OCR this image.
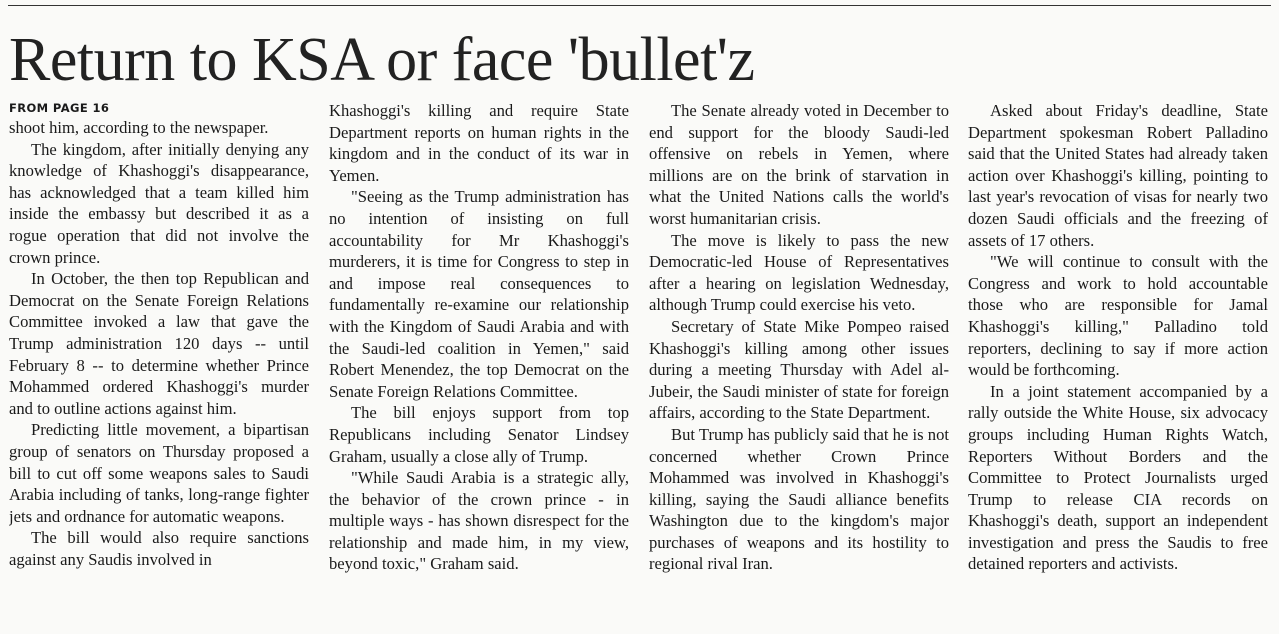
Return to KSA or face 'bullet'z
FROM PAGE 16

shoot him, according to the newspaper.

The kingdom, after initially denying any knowledge of Khashoggi's disappearance, has acknowledged that a team killed him inside the embassy but described it as a rogue operation that did not involve the crown prince.

In October, the then top Republican and Democrat on the Senate Foreign Relations Committee invoked a law that gave the Trump administration 120 days -- until February 8 -- to determine whether Prince Mohammed ordered Khashoggi's murder and to outline actions against him.

Predicting little movement, a bipartisan group of senators on Thursday proposed a bill to cut off some weapons sales to Saudi Arabia including of tanks, long-range fighter jets and ordnance for automatic weapons.

The bill would also require sanctions against any Saudis involved in

Khashoggi's killing and require State Department reports on human rights in the kingdom and in the conduct of its war in Yemen.

"Seeing as the Trump administration has no intention of insisting on full accountability for Mr Khashoggi's murderers, it is time for Congress to step in and impose real consequences to fundamentally re-examine our relationship with the Kingdom of Saudi Arabia and with the Saudi-led coalition in Yemen," said Robert Menendez, the top Democrat on the Senate Foreign Relations Committee.

The bill enjoys support from top Republicans including Senator Lindsey Graham, usually a close ally of Trump.

"While Saudi Arabia is a strategic ally, the behavior of the crown prince - in multiple ways - has shown disrespect for the relationship and made him, in my view, beyond toxic," Graham said.

The Senate already voted in December to end support for the bloody Saudi-led offensive on rebels in Yemen, where millions are on the brink of starvation in what the United Nations calls the world's worst humanitarian crisis.

The move is likely to pass the new Democratic-led House of Representatives after a hearing on legislation Wednesday, although Trump could exercise his veto.

Secretary of State Mike Pompeo raised Khashoggi's killing among other issues during a meeting Thursday with Adel al-Jubeir, the Saudi minister of state for foreign affairs, according to the State Department.

But Trump has publicly said that he is not concerned whether Crown Prince Mohammed was involved in Khashoggi's killing, saying the Saudi alliance benefits Washington due to the kingdom's major purchases of weapons and its hostility to regional rival Iran.

Asked about Friday's deadline, State Department spokesman Robert Palladino said that the United States had already taken action over Khashoggi's killing, pointing to last year's revocation of visas for nearly two dozen Saudi officials and the freezing of assets of 17 others.

"We will continue to consult with the Congress and work to hold accountable those who are responsible for Jamal Khashoggi's killing," Palladino told reporters, declining to say if more action would be forthcoming.

In a joint statement accompanied by a rally outside the White House, six advocacy groups including Human Rights Watch, Reporters Without Borders and the Committee to Protect Journalists urged Trump to release CIA records on Khashoggi's death, support an independent investigation and press the Saudis to free detained reporters and activists.
